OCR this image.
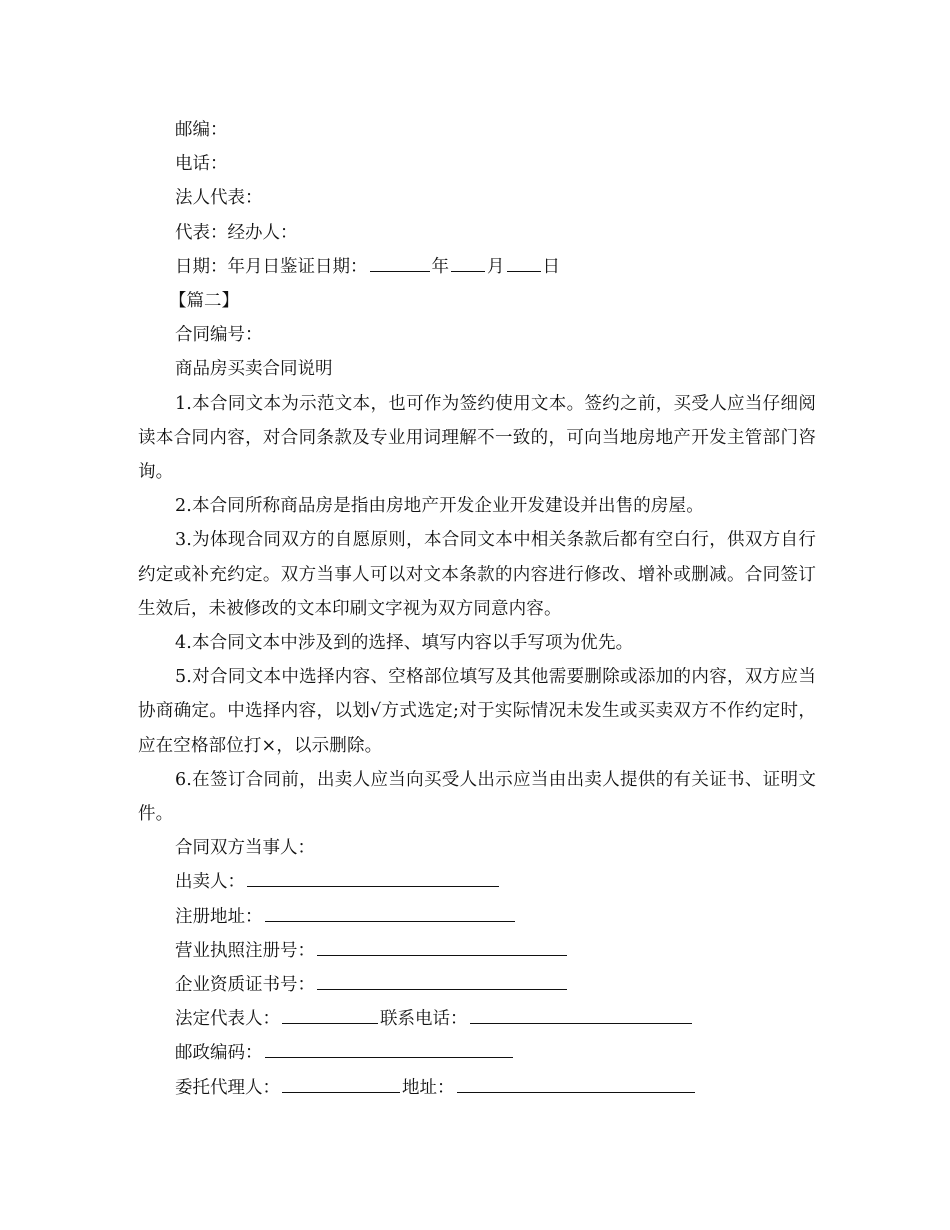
邮编：

电话：

法人代表：

代表：经办人：

日期：年月日鉴证日期：	年 月 日

【篇二】

合同编号：

商品房买卖合同说明

1.本合同文本为示范文本，也可作为签约使用文本。签约之前，买受人应当仔细阅读本合同内容，对合同条款及专业用词理解不一致的，可向当地房地产开发主管部门咨询。

2.本合同所称商品房是指由房地产开发企业开发建设并出售的房屋。

3.为体现合同双方的自愿原则，本合同文本中相关条款后都有空白行，供双方自行约定或补充约定。双方当事人可以对文本条款的内容进行修改、增补或删减。合同签订生效后，未被修改的文本印刷文字视为双方同意内容。

4.本合同文本中涉及到的选择、填写内容以手写项为优先。

5.对合同文本中选择内容、空格部位填写及其他需要删除或添加的内容，双方应当协商确定。中选择内容，以划√方式选定;对于实际情况未发生或买卖双方不作约定时，应在空格部位打×，以示删除。

6.在签订合同前，出卖人应当向买受人出示应当由出卖人提供的有关证书、证明文件。

合同双方当事人：

出卖人：

注册地址：

营业执照注册号：

企业资质证书号：

法定代表人：	联系电话：

邮政编码：

委托代理人：	地址：
